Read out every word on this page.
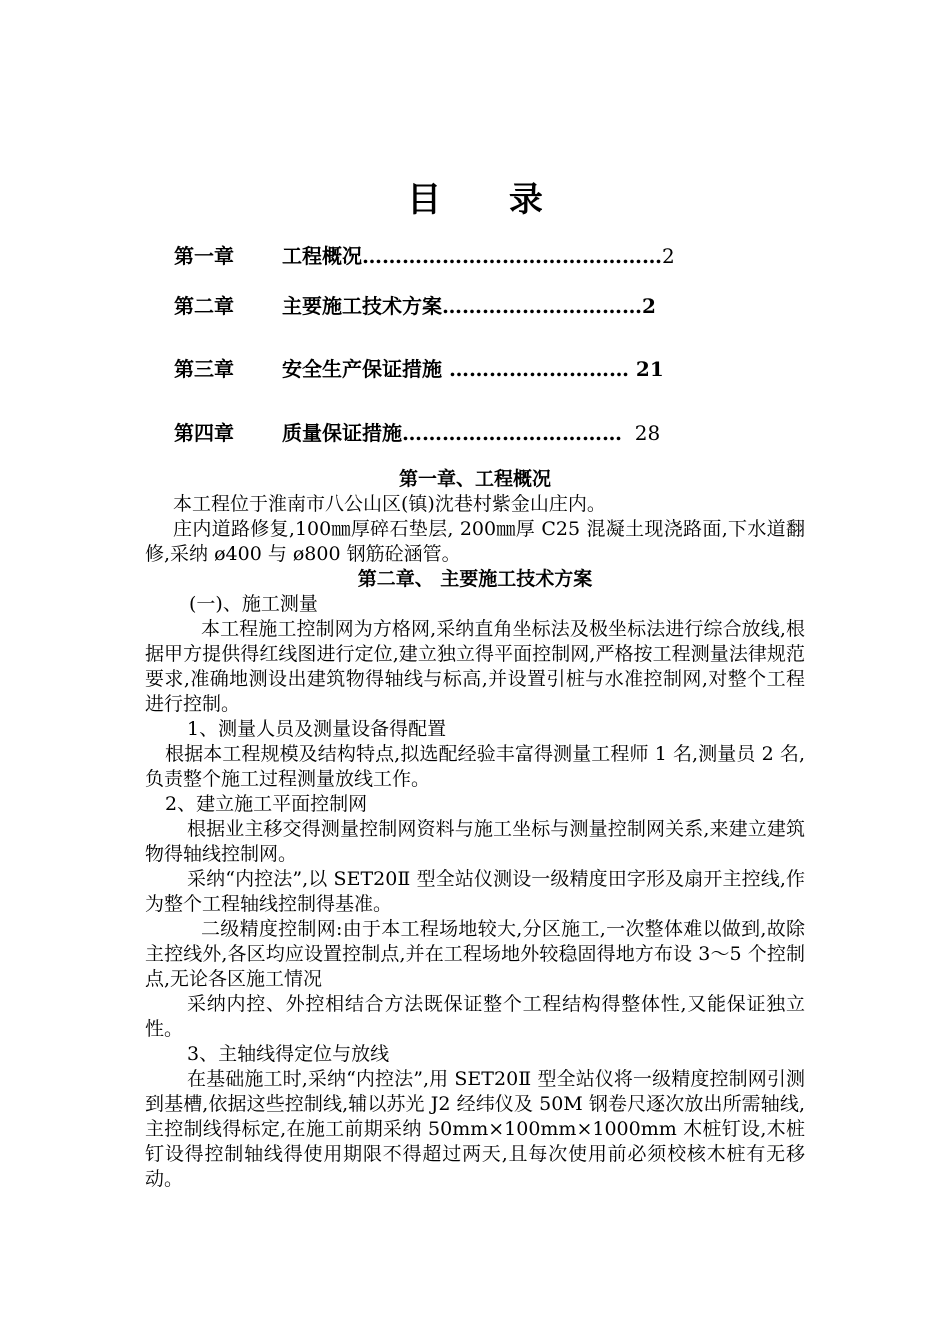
目 录
第一章 工程概况………………………………………2
第二章 主要施工技术方案…………………………2
第三章 安全生产保证措施 ……………………… 21
第四章 质量保证措施……………………………  28

第一章、工程概况

本工程位于淮南市八公山区(镇)沈巷村紫金山庄内。

庄内道路修复,100㎜厚碎石垫层, 200㎜厚 C25 混凝土现浇路面,下水道翻修,采纳 ø400 与 ø800 钢筋砼涵管。

第二章、 主要施工技术方案

(一)、施工测量

本工程施工控制网为方格网,采纳直角坐标法及极坐标法进行综合放线,根据甲方提供得红线图进行定位,建立独立得平面控制网,严格按工程测量法律规范要求,准确地测设出建筑物得轴线与标高,并设置引桩与水准控制网,对整个工程进行控制。

1、测量人员及测量设备得配置

根据本工程规模及结构特点,拟选配经验丰富得测量工程师 1 名,测量员 2 名,负责整个施工过程测量放线工作。

2、建立施工平面控制网

根据业主移交得测量控制网资料与施工坐标与测量控制网关系,来建立建筑物得轴线控制网。

采纳“内控法”,以 SET20Ⅱ 型全站仪测设一级精度田字形及扇开主控线,作为整个工程轴线控制得基准。

二级精度控制网:由于本工程场地较大,分区施工,一次整体难以做到,故除主控线外,各区均应设置控制点,并在工程场地外较稳固得地方布设 3～5 个控制点,无论各区施工情况

采纳内控、外控相结合方法既保证整个工程结构得整体性,又能保证独立性。

3、主轴线得定位与放线

在基础施工时,采纳“内控法”,用 SET20Ⅱ 型全站仪将一级精度控制网引测到基槽,依据这些控制线,辅以苏光 J2 经纬仪及 50M 钢卷尺逐次放出所需轴线,主控制线得标定,在施工前期采纳 50mm×100mm×1000mm 木桩钉设,木桩钉设得控制轴线得使用期限不得超过两天,且每次使用前必须校核木桩有无移动。
